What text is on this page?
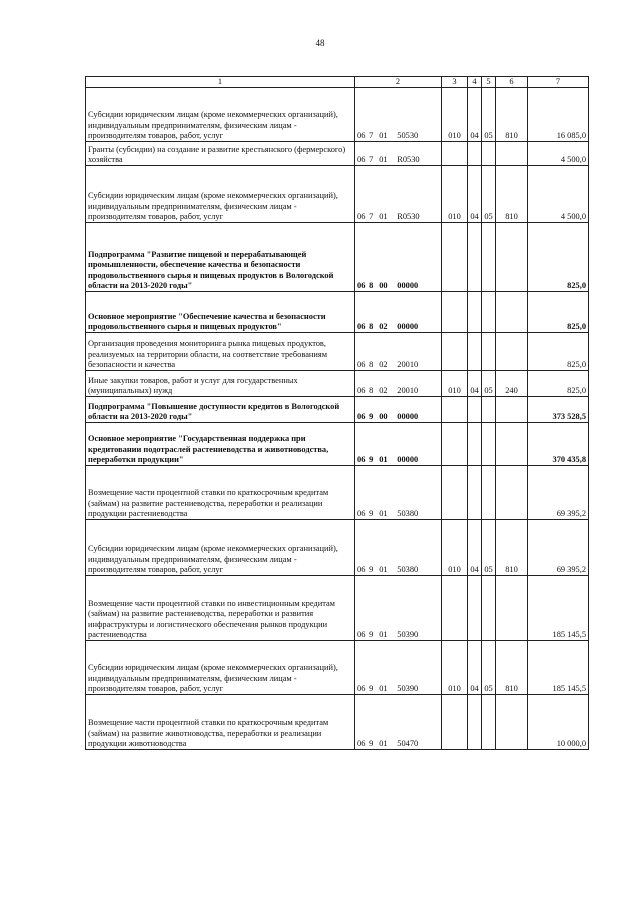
48
1	2	3	4	5	6	7
Субсидии юридическим лицам (кроме некоммерческих организаций), индивидуальным предпринимателям, физическим лицам - производителям товаров, работ, услуг	06 7 01 50530	010	04	05	810	16 085,0
Гранты (субсидии) на создание и развитие крестьянского (фермерского) хозяйства	06 7 01 R0530					4 500,0
Субсидии юридическим лицам (кроме некоммерческих организаций), индивидуальным предпринимателям, физическим лицам - производителям товаров, работ, услуг	06 7 01 R0530	010	04	05	810	4 500,0
Подпрограмма "Развитие пищевой и перерабатывающей промышленности, обеспечение качества и безопасности продовольственного сырья и пищевых продуктов в Вологодской области на 2013-2020 годы"	06 8 00 00000					825,0
Основное мероприятие "Обеспечение качества и безопасности продовольственного сырья и пищевых продуктов"	06 8 02 00000					825,0
Организация проведения мониторинга рынка пищевых продуктов, реализуемых на территории области, на соответствие требованиям безопасности и качества	06 8 02 20010					825,0
Иные закупки товаров, работ и услуг для государственных (муниципальных) нужд	06 8 02 20010	010	04	05	240	825,0
Подпрограмма "Повышение доступности кредитов в Вологодской области на 2013-2020 годы"	06 9 00 00000					373 528,5
Основное мероприятие "Государственная поддержка при кредитовании подотраслей растениеводства и животноводства, переработки продукции"	06 9 01 00000					370 435,8
Возмещение части процентной ставки по краткосрочным кредитам (займам) на развитие растениеводства, переработки и реализации продукции растениеводства	06 9 01 50380					69 395,2
Субсидии юридическим лицам (кроме некоммерческих организаций), индивидуальным предпринимателям, физическим лицам - производителям товаров, работ, услуг	06 9 01 50380	010	04	05	810	69 395,2
Возмещение части процентной ставки по инвестиционным кредитам (займам) на развитие растениеводства, переработки и развития инфраструктуры и логистического обеспечения рынков продукции растениеводства	06 9 01 50390					185 145,5
Субсидии юридическим лицам (кроме некоммерческих организаций), индивидуальным предпринимателям, физическим лицам - производителям товаров, работ, услуг	06 9 01 50390	010	04	05	810	185 145,5
Возмещение части процентной ставки по краткосрочным кредитам (займам) на развитие животноводства, переработки и реализации продукции животноводства	06 9 01 50470					10 000,0
